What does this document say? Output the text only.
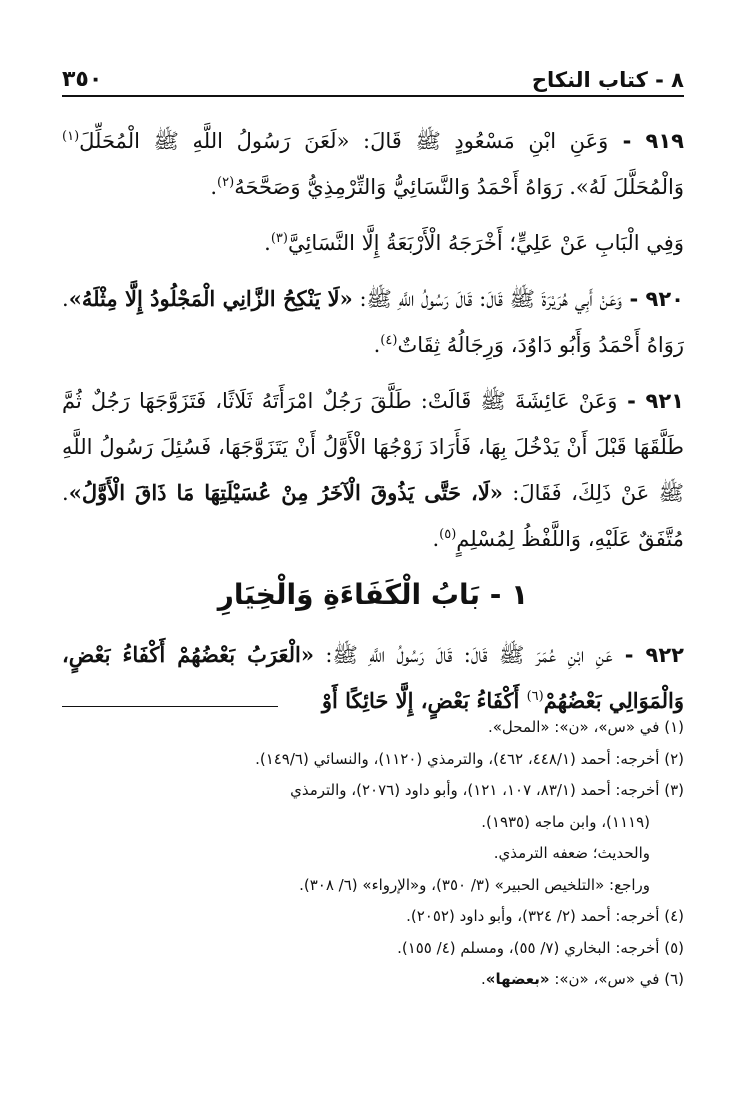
٨ - كتاب النكاح
٣٥٠

٩١٩ - وَعَنِ ابْنِ مَسْعُودٍ ﷺ قَالَ: «لَعَنَ رَسُولُ اللَّهِ ﷺ الْمُحَلِّلَ$^{(١)}$ وَالْمُحَلَّلَ لَهُ». رَوَاهُ أَحْمَدُ وَالنَّسَائِيُّ وَالتِّرْمِذِيُّ وَصَحَّحَهُ$^{(٢)}$.

وَفِي الْبَابِ عَنْ عَلِيٍّ؛ أَخْرَجَهُ الْأَرْبَعَةُ إِلَّا النَّسَائِيَّ$^{(٣)}$.

٩٢٠ - وَعَنْ أَبِي هُرَيْرَةَ ﷺ قَالَ: قَالَ رَسُولُ اللَّهِ ﷺ: «لَا يَنْكِحُ الزَّانِي الْمَجْلُودُ إِلَّا مِثْلَهُ». رَوَاهُ أَحْمَدُ وَأَبُو دَاوُدَ، وَرِجَالُهُ ثِقَاتٌ$^{(٤)}$.

٩٢١ - وَعَنْ عَائِشَةَ ﷺ قَالَتْ: طَلَّقَ رَجُلٌ امْرَأَتَهُ ثَلَاثًا، فَتَزَوَّجَهَا رَجُلٌ ثُمَّ طَلَّقَهَا قَبْلَ أَنْ يَدْخُلَ بِهَا، فَأَرَادَ زَوْجُهَا الْأَوَّلُ أَنْ يَتَزَوَّجَهَا، فَسُئِلَ رَسُولُ اللَّهِ ﷺ عَنْ ذَلِكَ، فَقَالَ: «لَا، حَتَّى يَذُوقَ الْآخَرُ مِنْ عُسَيْلَتِهَا مَا ذَاقَ الْأَوَّلُ». مُتَّفَقٌ عَلَيْهِ، وَاللَّفْظُ لِمُسْلِمٍ$^{(٥)}$.

١ - بَابُ الْكَفَاءَةِ وَالْخِيَارِ

٩٢٢ - عَنِ ابْنِ عُمَرَ ﷺ قَالَ: قَالَ رَسُولُ اللَّهِ ﷺ: «الْعَرَبُ بَعْضُهُمْ أَكْفَاءُ بَعْضٍ، وَالْمَوَالِي بَعْضُهُمْ$^{(٦)}$ أَكْفَاءُ بَعْضٍ، إِلَّا حَائِكًا أَوْ

(١) في «س»، «ن»: «المحل».

(٢) أخرجه: أحمد (٤٤٨/١، ٤٦٢)، والترمذي (١١٢٠)، والنسائي (١٤٩/٦).

(٣) أخرجه: أحمد (٨٣/١، ١٠٧، ١٢١)، وأبو داود (٢٠٧٦)، والترمذي

(١١١٩)، وابن ماجه (١٩٣٥).

والحديث؛ ضعفه الترمذي.

وراجع: «التلخيص الحبير» (٣/ ٣٥٠)، و«الإرواء» (٦/ ٣٠٨).

(٤) أخرجه: أحمد (٢/ ٣٢٤)، وأبو داود (٢٠٥٢).

(٥) أخرجه: البخاري (٧/ ٥٥)، ومسلم (٤/ ١٥٥).

(٦) في «س»، «ن»: «بعضها».
